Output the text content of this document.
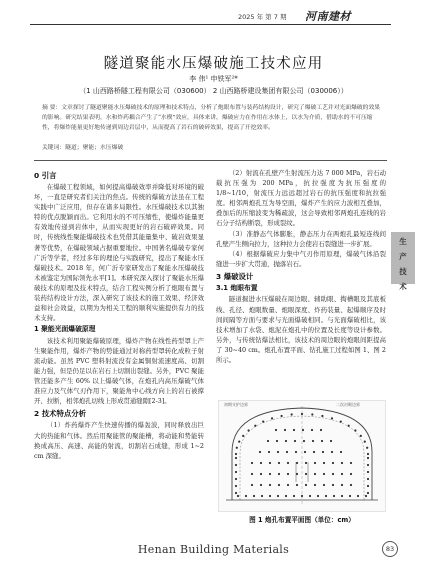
2025 年 第 7 期 河南建材
隧道聚能水压爆破施工技术应用
李 伟¹ 申铁军²*
（1 山西路桥隧工程有限公司（030600） 2 山西路桥建设集团有限公司（030006））
摘 要：文章探讨了隧道聚能水压爆破技术的原理和技术特点，分析了炮眼布置与装药结构设计，研究了爆破工艺并对光面爆破的效果的影响。研究结果表明，水和炸药耦合产生了“水楔”效应，具体来讲，爆破应力在作用在水体上，以水为介质，借助水的不可压缩性，将爆炸能量更好地传递到周边岩层中，从而提高了岩石的破碎效果，提高了开挖效率。
关键词：隧道；聚能；水压爆破
0 引言

在爆破工程领域，如何提高爆破效率并降低对环境的破坏，一直是研究者们关注的焦点。传统的爆破方法虽在工程实践中广泛应用，但存在诸多局限性。水压爆破技术以其独特的优点脱颖而出。它利用水的不可压缩性，使爆炸能量更有效地传递到岩体中，从而实现更好的岩石破碎效果。同时，传统线性聚能爆破技术也凭借其能量集中、破岩效果显著等优势，在爆破领域占据重要地位。中国著名爆破专家何广沂等学者，经过多年的理论与实践研究，提出了聚能水压爆破技术。2018 年，何广沂专家研发出了聚能水压爆破技术被鉴定为国际领先水平[1]。本研究深入探讨了聚能水压爆破技术的原理及技术特点，结合工程实例分析了炮眼布置与装药结构设计方法，深入研究了该技术的施工效果、经济效益和社会效益，以期为为相关工程的顺利实施提供有力的技术支持。

1 聚能光面爆破原理

该技术利用聚能爆破原理，爆炸产物在线性药型罩上产生聚能作用，爆炸产物的势能通过对称药型罩转化成粒子射流动能。虽然 PVC 塑料射流没有金属铜射流速度高、切割能力强，但是仍足以在岩石上切割出裂缝。另外，PVC 聚能管还能多产生 60% 以上爆破气体，在炮孔内高压爆破气体准应力及气体气刃作用下，聚能角中心线方向上的岩石被撑开、拉断，相邻炮孔切线上形成贯通缝隙[2-3]。

2 技术特点分析

（1）炸药爆炸产生快速传播的爆轰波，同时释放出巨大的热能和气体。然后用聚能管的聚能槽，将动能和势能转换成高压、高速、高能的射流，切割岩石成缝，形成 1~2 cm 深缝。

（2）射流在孔壁产生射流压力达 7 000 MPa，岩石动载抗压强为 200 MPa，抗拉强度为抗压强度的 1/8~1/10，射流压力远远超过岩石的抗压强度和抗拉强度。相邻两炮孔互为导空面，爆炸产生的应力波相互叠加，叠加后的压缩波变为稀疏波，这会导致相邻两炮孔连线的岩石分子结构断裂，形成裂纹。

（3）准静态气体膨胀，静态压力在两炮孔最短连线间孔壁产生侧向拉力，这种拉力会使岩石裂缝进一步扩展。

（4）根据爆破应力集中气刃作用原理，爆破气体沿裂缝进一步扩大贯通，抛落岩石。

3 爆破设计
3.1 炮眼布置

隧道掘进水压爆破在周边眼、辅助眼、掏槽眼及其底板线、孔径、炮眼数量、炮眼深度、炸药装量、起爆顺序及时间间隔等方面与要求与光面爆破相同。与光面爆破相比，该技术增加了水袋、炮泥在炮孔中的位置及长度等设计参数。另外，与传统钻爆法相比，该技术的周边眼的炮眼间距提高了 30~40 cm。炮孔布置平面、钻孔施工过程如图 1、图 2 所示。

初期支护边界	二次衬砌边界
图 1 炮孔布置平面图（单位：cm）
生
产
技
术
Henan Building Materials	83
